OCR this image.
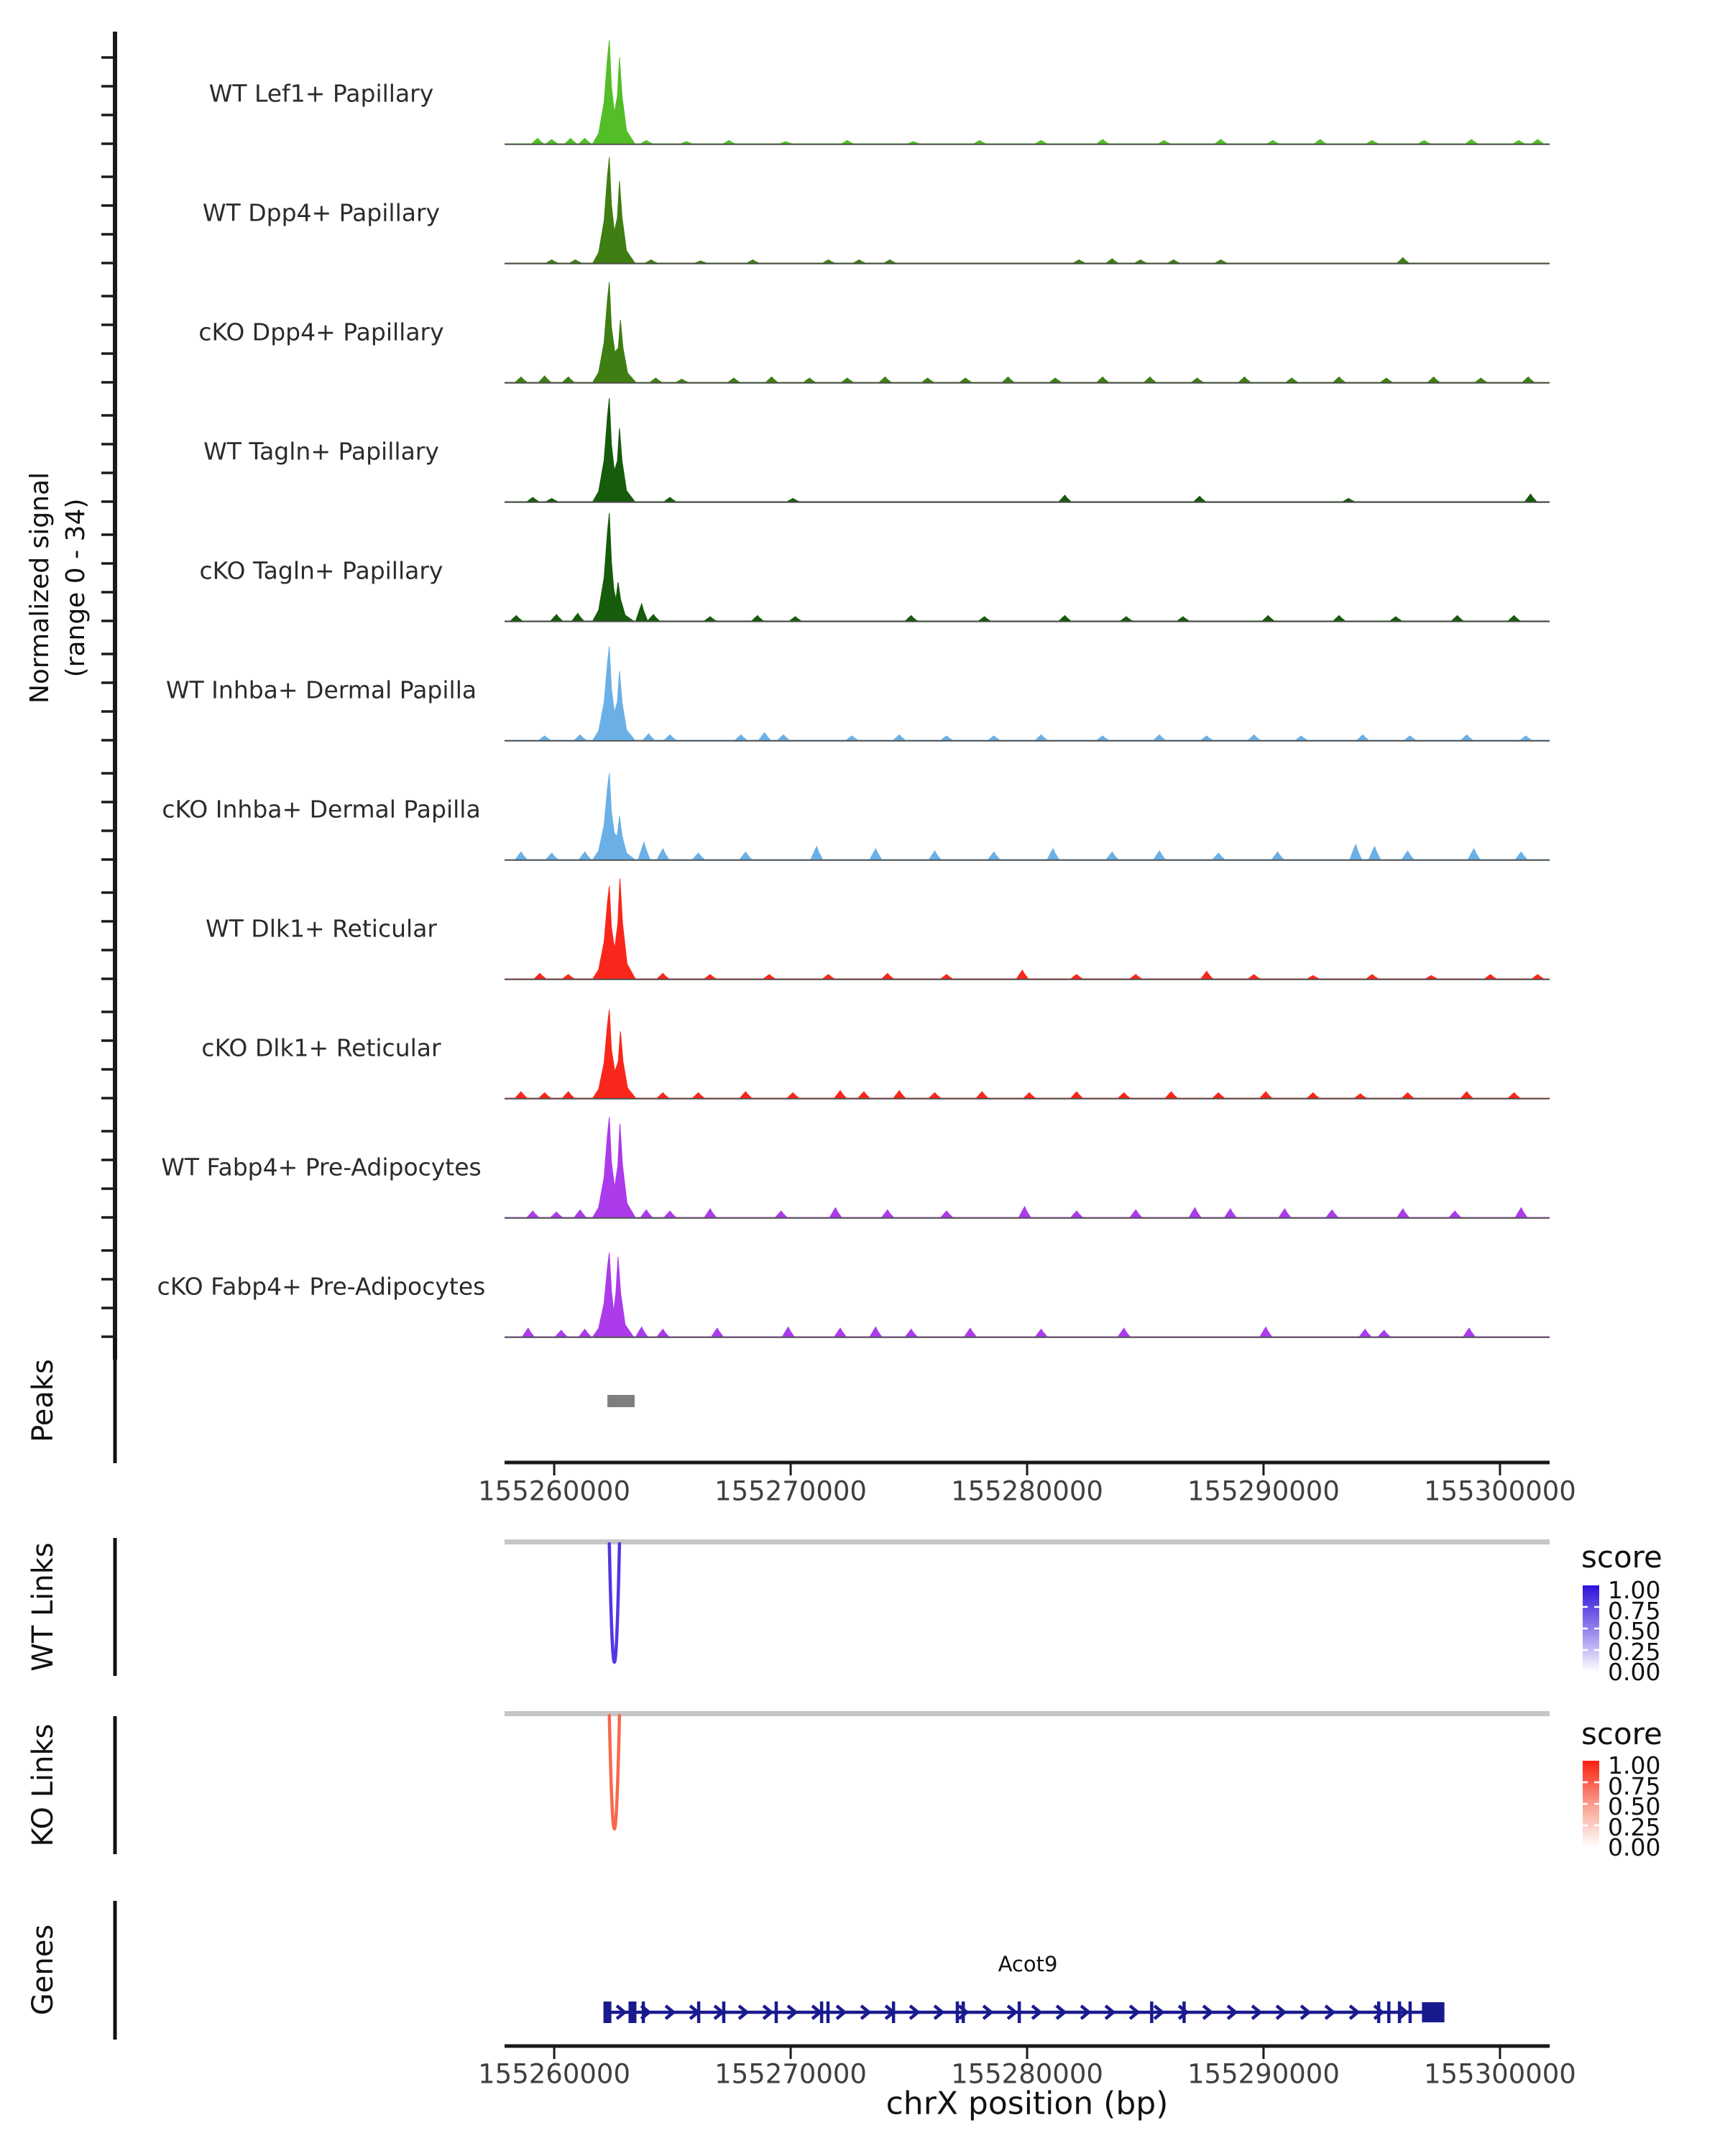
Normalized signal (range 0 - 34)
Peaks
WT Links
KO Links
Genes
score
score
Acot9
chrX position (bp)
WT Lef1+ Papillary
WT Dpp4+ Papillary
cKO Dpp4+ Papillary
WT Tagln+ Papillary
cKO Tagln+ Papillary
WT Inhba+ Dermal Papilla
cKO Inhba+ Dermal Papilla
WT Dlk1+ Reticular
cKO Dlk1+ Reticular
WT Fabp4+ Pre-Adipocytes
cKO Fabp4+ Pre-Adipocytes
155260000	155270000	155280000	155290000	155300000
155260000	155270000	155280000	155290000	155300000
1.00
0.75
0.50
0.25
0.00
1.00
0.75
0.50
0.25
0.00
